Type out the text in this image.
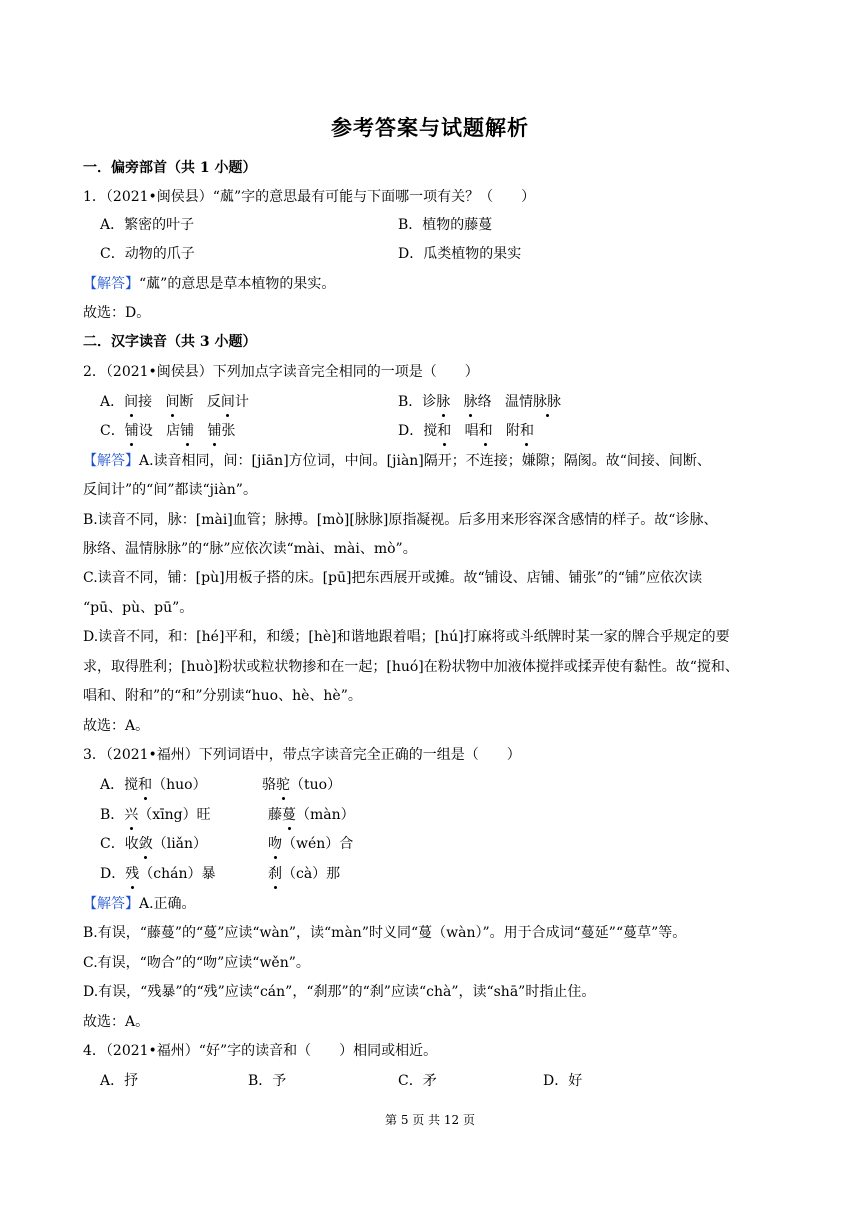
参考答案与试题解析
一．偏旁部首（共 1 小题）
1．（2021•闽侯县）“蓏”字的意思最有可能与下面哪一项有关？（　　）
A．繁密的叶子	B．植物的藤蔓
C．动物的爪子	D．瓜类植物的果实
【解答】“蓏”的意思是草本植物的果实。
故选：D。
二．汉字读音（共 3 小题）
2．（2021•闽侯县）下列加点字读音完全相同的一项是（　　）
A．间接 间断 反间计	B．诊脉 脉络 温情脉脉
C．铺设 店铺 铺张	D．搅和 唱和 附和
【解答】A.读音相同，间：[jiān]方位词，中间。[jiàn]隔开；不连接；嫌隙；隔阂。故“间接、间断、
反间计”的“间”都读“jiàn”。
B.读音不同，脉：[mài]血管；脉搏。[mò][脉脉]原指凝视。后多用来形容深含感情的样子。故“诊脉、
脉络、温情脉脉”的“脉”应依次读“mài、mài、mò”。
C.读音不同，铺：[pù]用板子搭的床。[pū]把东西展开或摊。故“铺设、店铺、铺张”的“铺”应依次读
“pū、pù、pū”。
D.读音不同，和：[hé]平和，和缓；[hè]和谐地跟着唱；[hú]打麻将或斗纸牌时某一家的牌合乎规定的要
求，取得胜利；[huò]粉状或粒状物掺和在一起；[huó]在粉状物中加液体搅拌或揉弄使有黏性。故“搅和、
唱和、附和”的“和”分别读“huo、hè、hè”。
故选：A。
3．（2021•福州）下列词语中，带点字读音完全正确的一组是（　　）
A．搅和（huo）	骆驼（tuo）
B．兴（xīng）旺	藤蔓（màn）
C．收敛（liǎn）	吻（wén）合
D．残（chán）暴	刹（cà）那
【解答】A.正确。
B.有误，“藤蔓”的“蔓”应读“wàn”，读“màn”时义同“蔓（wàn）”。用于合成词“蔓延”“蔓草”等。
C.有误，“吻合”的“吻”应读“wěn”。
D.有误，“残暴”的“残”应读“cán”，“刹那”的“刹”应读“chà”，读“shā”时指止住。
故选：A。
4．（2021•福州）“好”字的读音和（　　）相同或相近。
A．抒	B．予	C．矛	D．好
第 5 页 共 12 页
